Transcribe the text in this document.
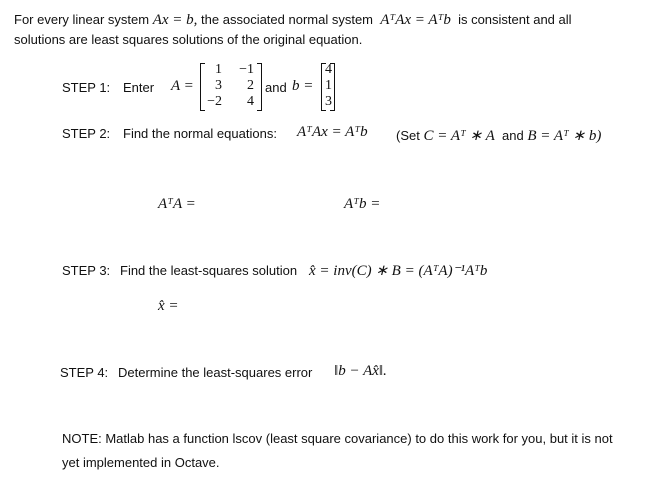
For every linear system Ax = b, the associated normal system AᵀAx = Aᵀb is consistent and all
solutions are least squares solutions of the original equation.
STEP 1: Enter A =
1	−1
3	2
−2	4
and b =
4
1
3
STEP 2: Find the normal equations: AᵀAx = Aᵀb (Set C = Aᵀ ∗ A and B = Aᵀ ∗ b)
AᵀA =	Aᵀb =
STEP 3: Find the least-squares solution x̂ = inv(C) ∗ B = (AᵀA)⁻¹Aᵀb
x̂ =
STEP 4: Determine the least-squares error ‖b − Ax̂‖.
NOTE: Matlab has a function lscov (least square covariance) to do this work for you, but it is not
yet implemented in Octave.
